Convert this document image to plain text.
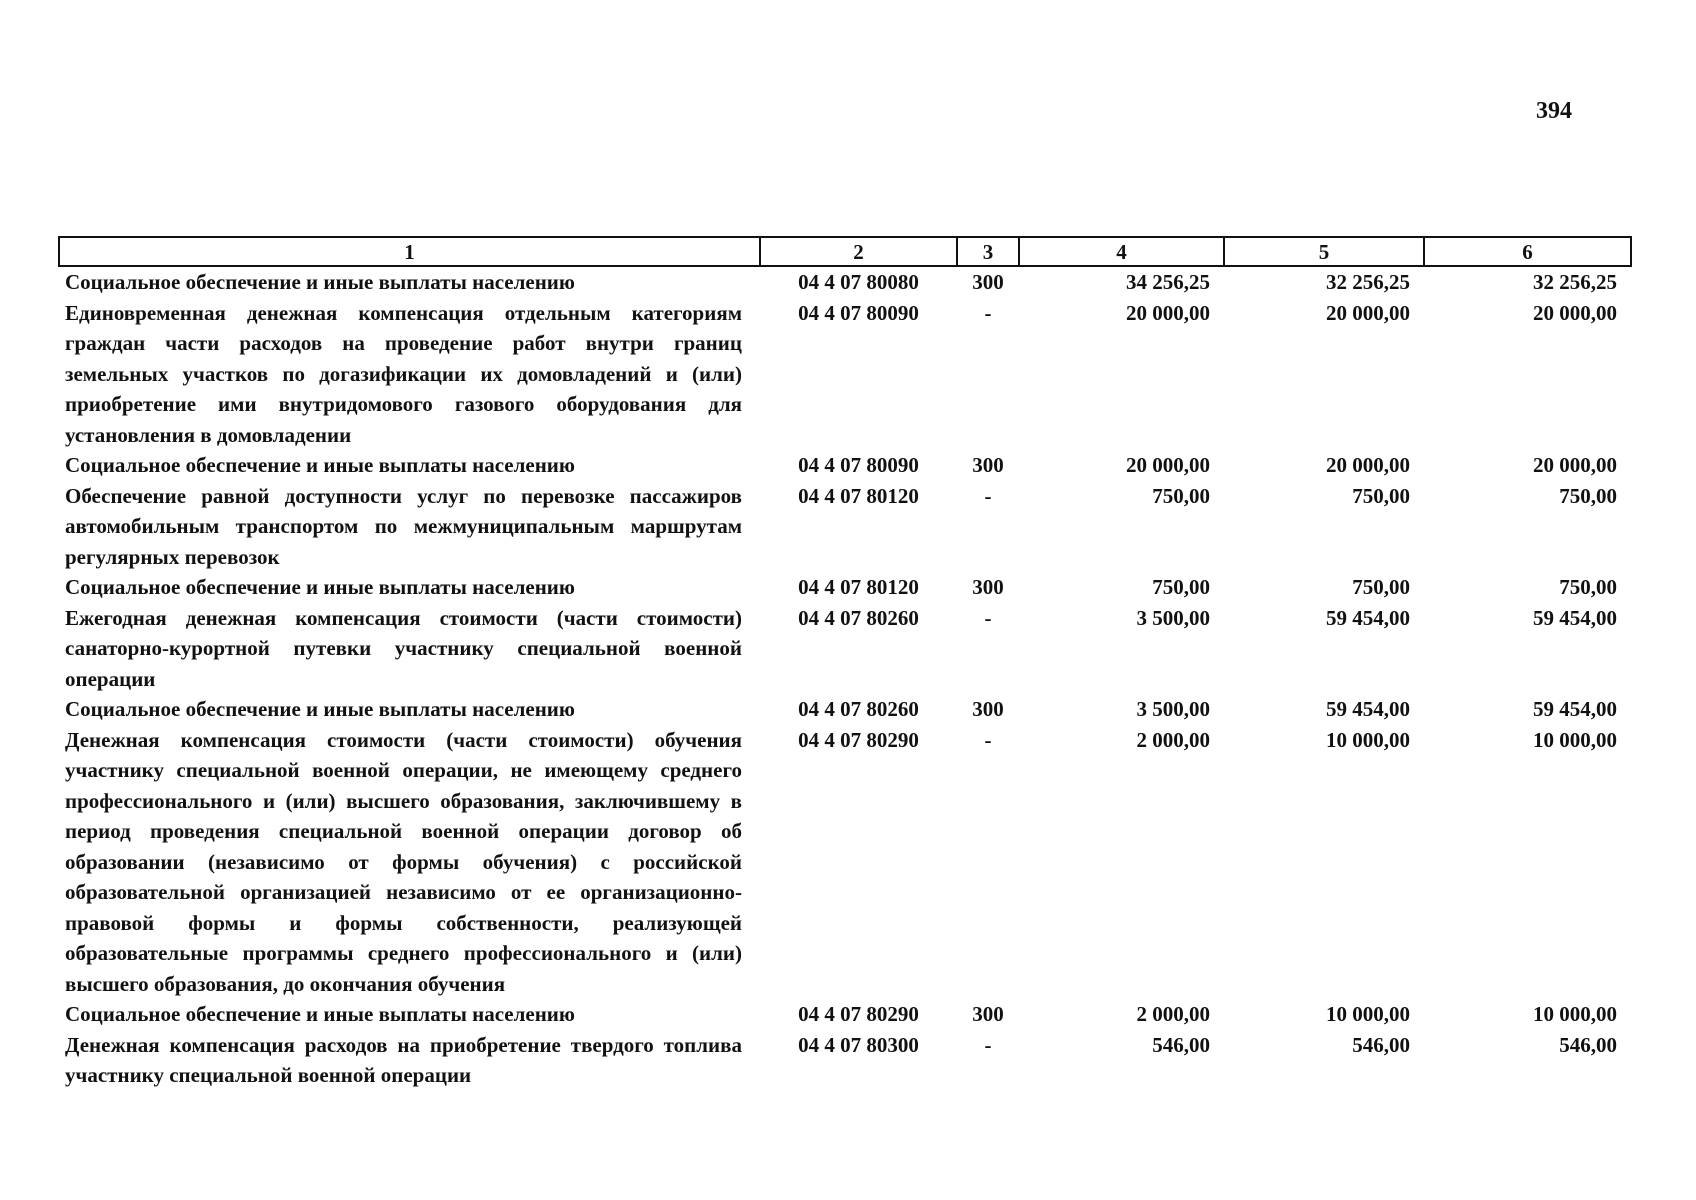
394
1	2	3	4	5	6
Социальное обеспечение и иные выплаты населению	04 4 07 80080	300	34 256,25	32 256,25	32 256,25
Единовременная денежная компенсация отдельным категориям граждан части расходов на проведение работ внутри границ земельных участков по догазификации их домовладений и (или) приобретение ими внутридомового газового оборудования для установления в домовладении	04 4 07 80090	-	20 000,00	20 000,00	20 000,00
Социальное обеспечение и иные выплаты населению	04 4 07 80090	300	20 000,00	20 000,00	20 000,00
Обеспечение равной доступности услуг по перевозке пассажиров автомобильным транспортом по межмуниципальным маршрутам регулярных перевозок	04 4 07 80120	-	750,00	750,00	750,00
Социальное обеспечение и иные выплаты населению	04 4 07 80120	300	750,00	750,00	750,00
Ежегодная денежная компенсация стоимости (части стоимости) санаторно-курортной путевки участнику специальной военной операции	04 4 07 80260	-	3 500,00	59 454,00	59 454,00
Социальное обеспечение и иные выплаты населению	04 4 07 80260	300	3 500,00	59 454,00	59 454,00
Денежная компенсация стоимости (части стоимости) обучения участнику специальной военной операции, не имеющему среднего профессионального и (или) высшего образования, заключившему в период проведения специальной военной операции договор об образовании (независимо от формы обучения) с российской образовательной организацией независимо от ее организационно-правовой формы и формы собственности, реализующей образовательные программы среднего профессионального и (или) высшего образования, до окончания обучения	04 4 07 80290	-	2 000,00	10 000,00	10 000,00
Социальное обеспечение и иные выплаты населению	04 4 07 80290	300	2 000,00	10 000,00	10 000,00
Денежная компенсация расходов на приобретение твердого топлива участнику специальной военной операции	04 4 07 80300	-	546,00	546,00	546,00
